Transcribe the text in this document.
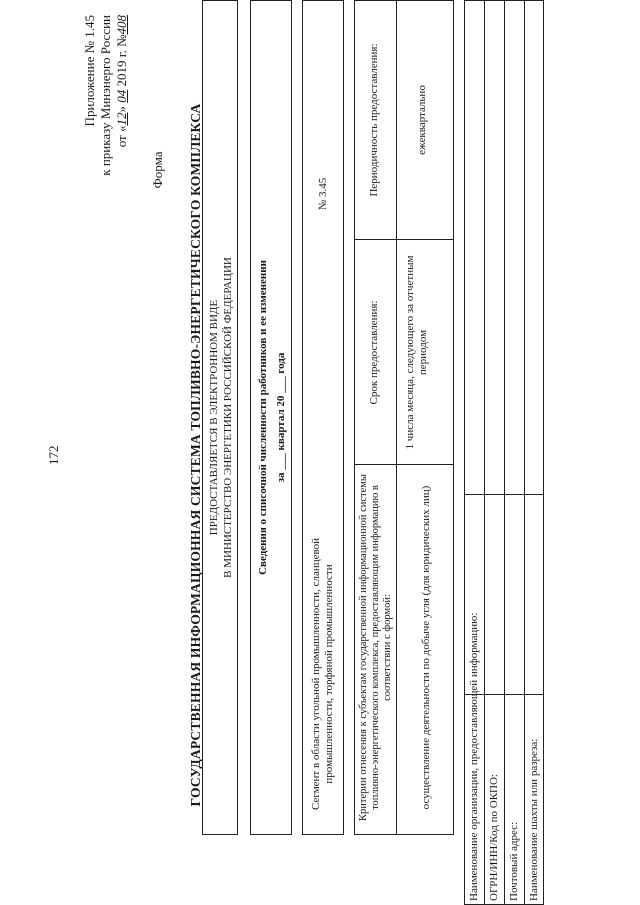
172
Приложение № 1.45 к приказу Минэнерго России от «12» 04 2019 г. №408
Форма ГОСУДАРСТВЕННАЯ ИНФОРМАЦИОННАЯ СИСТЕМА ТОПЛИВНО-ЭНЕРГЕТИЧЕСКОГО КОМПЛЕКСА ПРЕДОСТАВЛЯЕТСЯ В ЭЛЕКТРОННОМ ВИДЕ В МИНИСТЕРСТВО ЭНЕРГЕТИКИ РОССИЙСКОЙ ФЕДЕРАЦИИ Сведения о списочной численности работников и ее изменении за ___ квартал 20 ___ года
Сегмент в области угольной промышленности, сланцевой промышленности, торфяной промышленности
№ 3.45
Критерии отнесения к субъектам государственной информационной системы топливно-энергетического комплекса, предоставляющим информацию в соответствии с формой:
Срок предоставления:
Периодичность предоставления:
осуществление деятельности по добыче угля (для юридических лиц)
1 числа месяца, следующего за отчетным периодом
ежеквартально
Наименование организации, предоставляющей информацию: ОГРН/ИНН/Код по ОКПО: Почтовый адрес: Наименование шахты или разреза:
